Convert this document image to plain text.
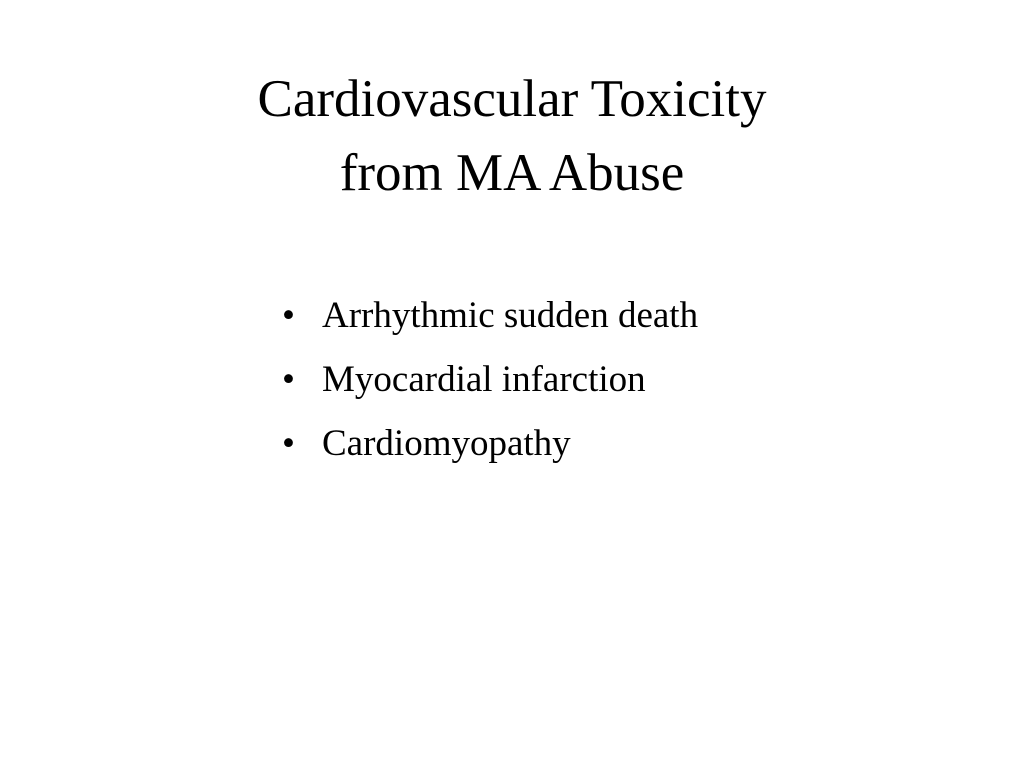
Cardiovascular Toxicity
from MA Abuse
• Arrhythmic sudden death
• Myocardial infarction
• Cardiomyopathy
